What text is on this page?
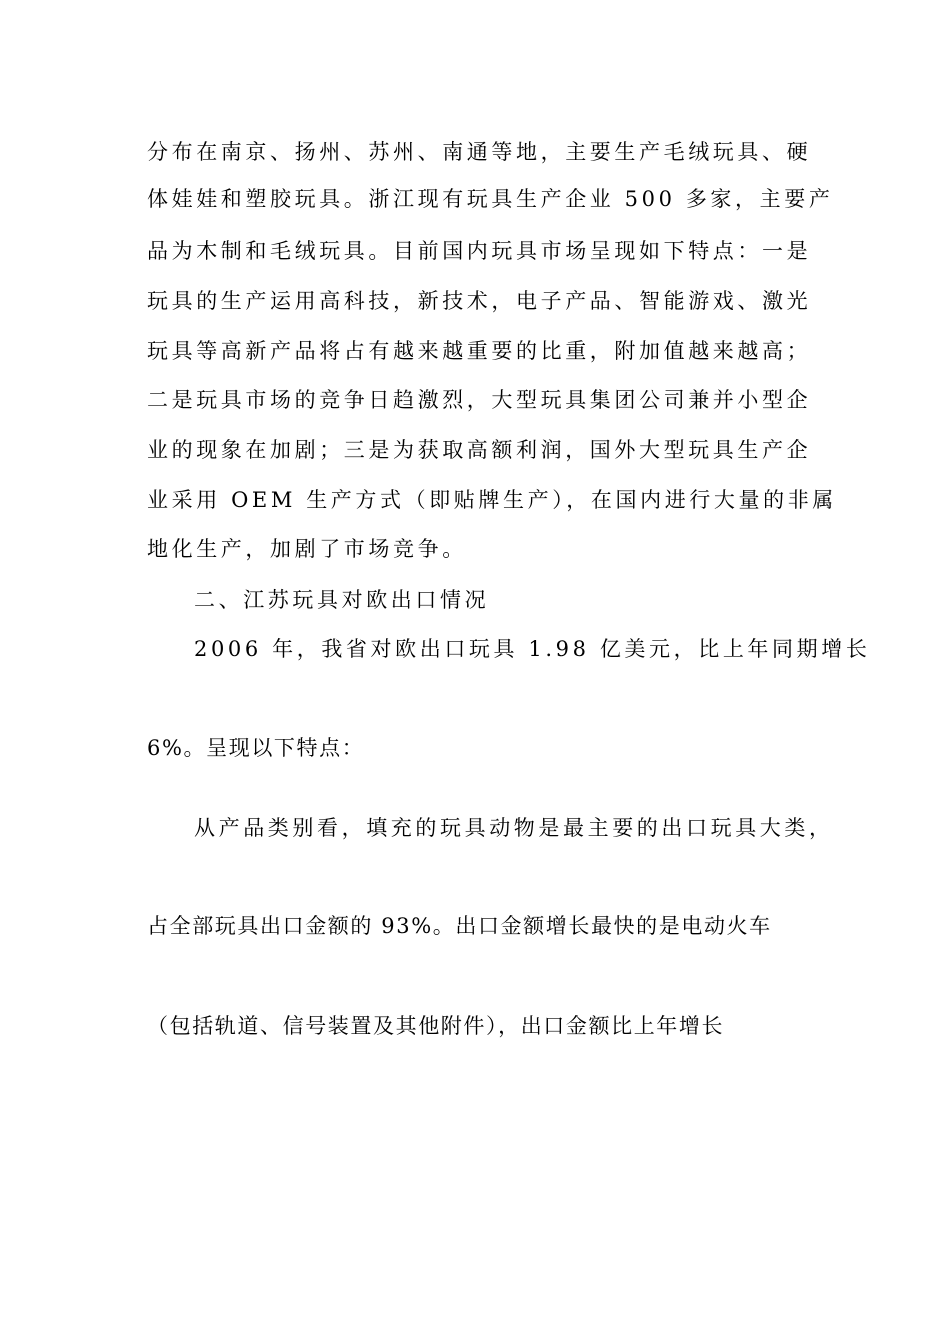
分布在南京、扬州、苏州、南通等地，主要生产毛绒玩具、硬
体娃娃和塑胶玩具。浙江现有玩具生产企业 500 多家，主要产
品为木制和毛绒玩具。目前国内玩具市场呈现如下特点：一是
玩具的生产运用高科技，新技术，电子产品、智能游戏、激光
玩具等高新产品将占有越来越重要的比重，附加值越来越高；
二是玩具市场的竞争日趋激烈，大型玩具集团公司兼并小型企
业的现象在加剧；三是为获取高额利润，国外大型玩具生产企
业采用 OEM 生产方式（即贴牌生产），在国内进行大量的非属
地化生产，加剧了市场竞争。
二、江苏玩具对欧出口情况
2006 年，我省对欧出口玩具 1.98 亿美元，比上年同期增长
6%。呈现以下特点：
从产品类别看，填充的玩具动物是最主要的出口玩具大类，
占全部玩具出口金额的 93%。出口金额增长最快的是电动火车
（包括轨道、信号装置及其他附件），出口金额比上年增长
